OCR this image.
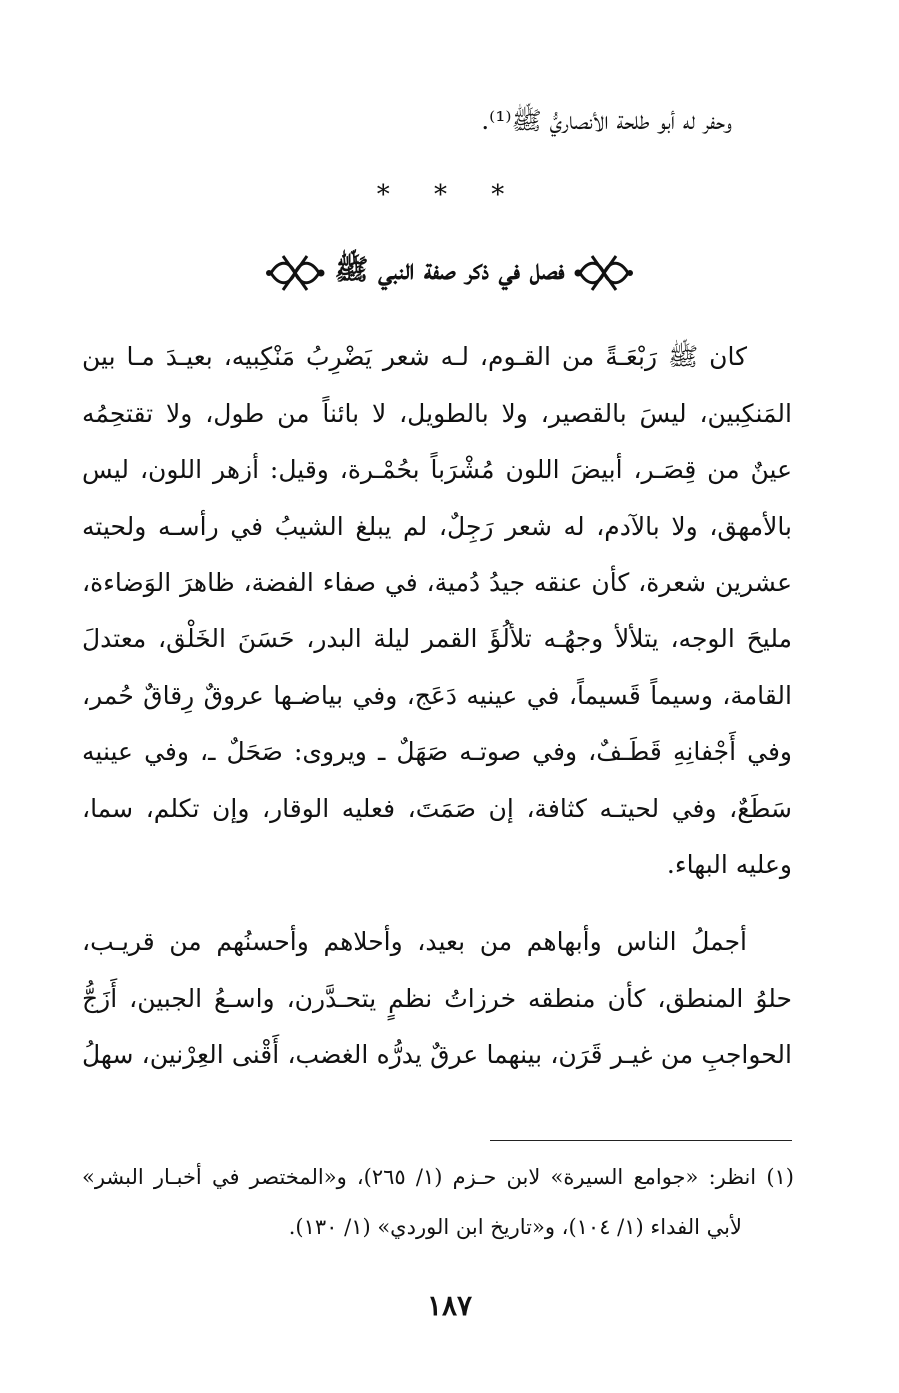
وحفر له أبو طلحة الأنصاريُّ ﷺ⁽¹⁾.
* * *
فصل في ذكر صفة النبي ﷺ
كان ﷺ رَبْعَـةً من القـوم، لـه شعر يَضْرِبُ مَنْكِبيه، بعيـدَ مـا بين
المَنكِبين، ليسَ بالقصير، ولا بالطويل، لا بائناً من طول، ولا تقتحِمُه
عينٌ من قِصَـر، أبيضَ اللون مُشْرَباً بحُمْـرة، وقيل: أزهر اللون، ليس
بالأمهق، ولا بالآدم، له شعر رَجِلٌ، لم يبلغ الشيبُ في رأسـه ولحيته
عشرين شعرة، كأن عنقه جيدُ دُمية، في صفاء الفضة، ظاهرَ الوَضاءة،
مليحَ الوجه، يتلألأ وجهُـه تلألُؤَ القمر ليلة البدر، حَسَنَ الخَلْق، معتدلَ
القامة، وسيماً قَسيماً، في عينيه دَعَج، وفي بياضـها عروقٌ رِقاقٌ حُمر،
وفي أَجْفانِهِ قَطَـفٌ، وفي صوتـه صَهَلٌ ـ ويروى: صَحَلٌ ـ، وفي عينيه
سَطَعٌ، وفي لحيتـه كثافة، إن صَمَتَ، فعليه الوقار، وإن تكلم، سما،
وعليه البهاء.
أجملُ الناس وأبهاهم من بعيد، وأحلاهم وأحسنُهم من قريـب،
حلوُ المنطق، كأن منطقه خرزاتُ نظمٍ يتحـدَّرن، واسـعُ الجبين، أَزَجُّ
الحواجبِ من غيـر قَرَن، بينهما عرقٌ يدرُّه الغضب، أَقْنى العِرْنين، سهلُ
(١) انظر: «جوامع السيرة» لابن حـزم (١/ ٢٦٥)، و«المختصر في أخبـار البشر»
لأبي الفداء (١/ ١٠٤)، و«تاريخ ابن الوردي» (١/ ١٣٠).
١٨٧
